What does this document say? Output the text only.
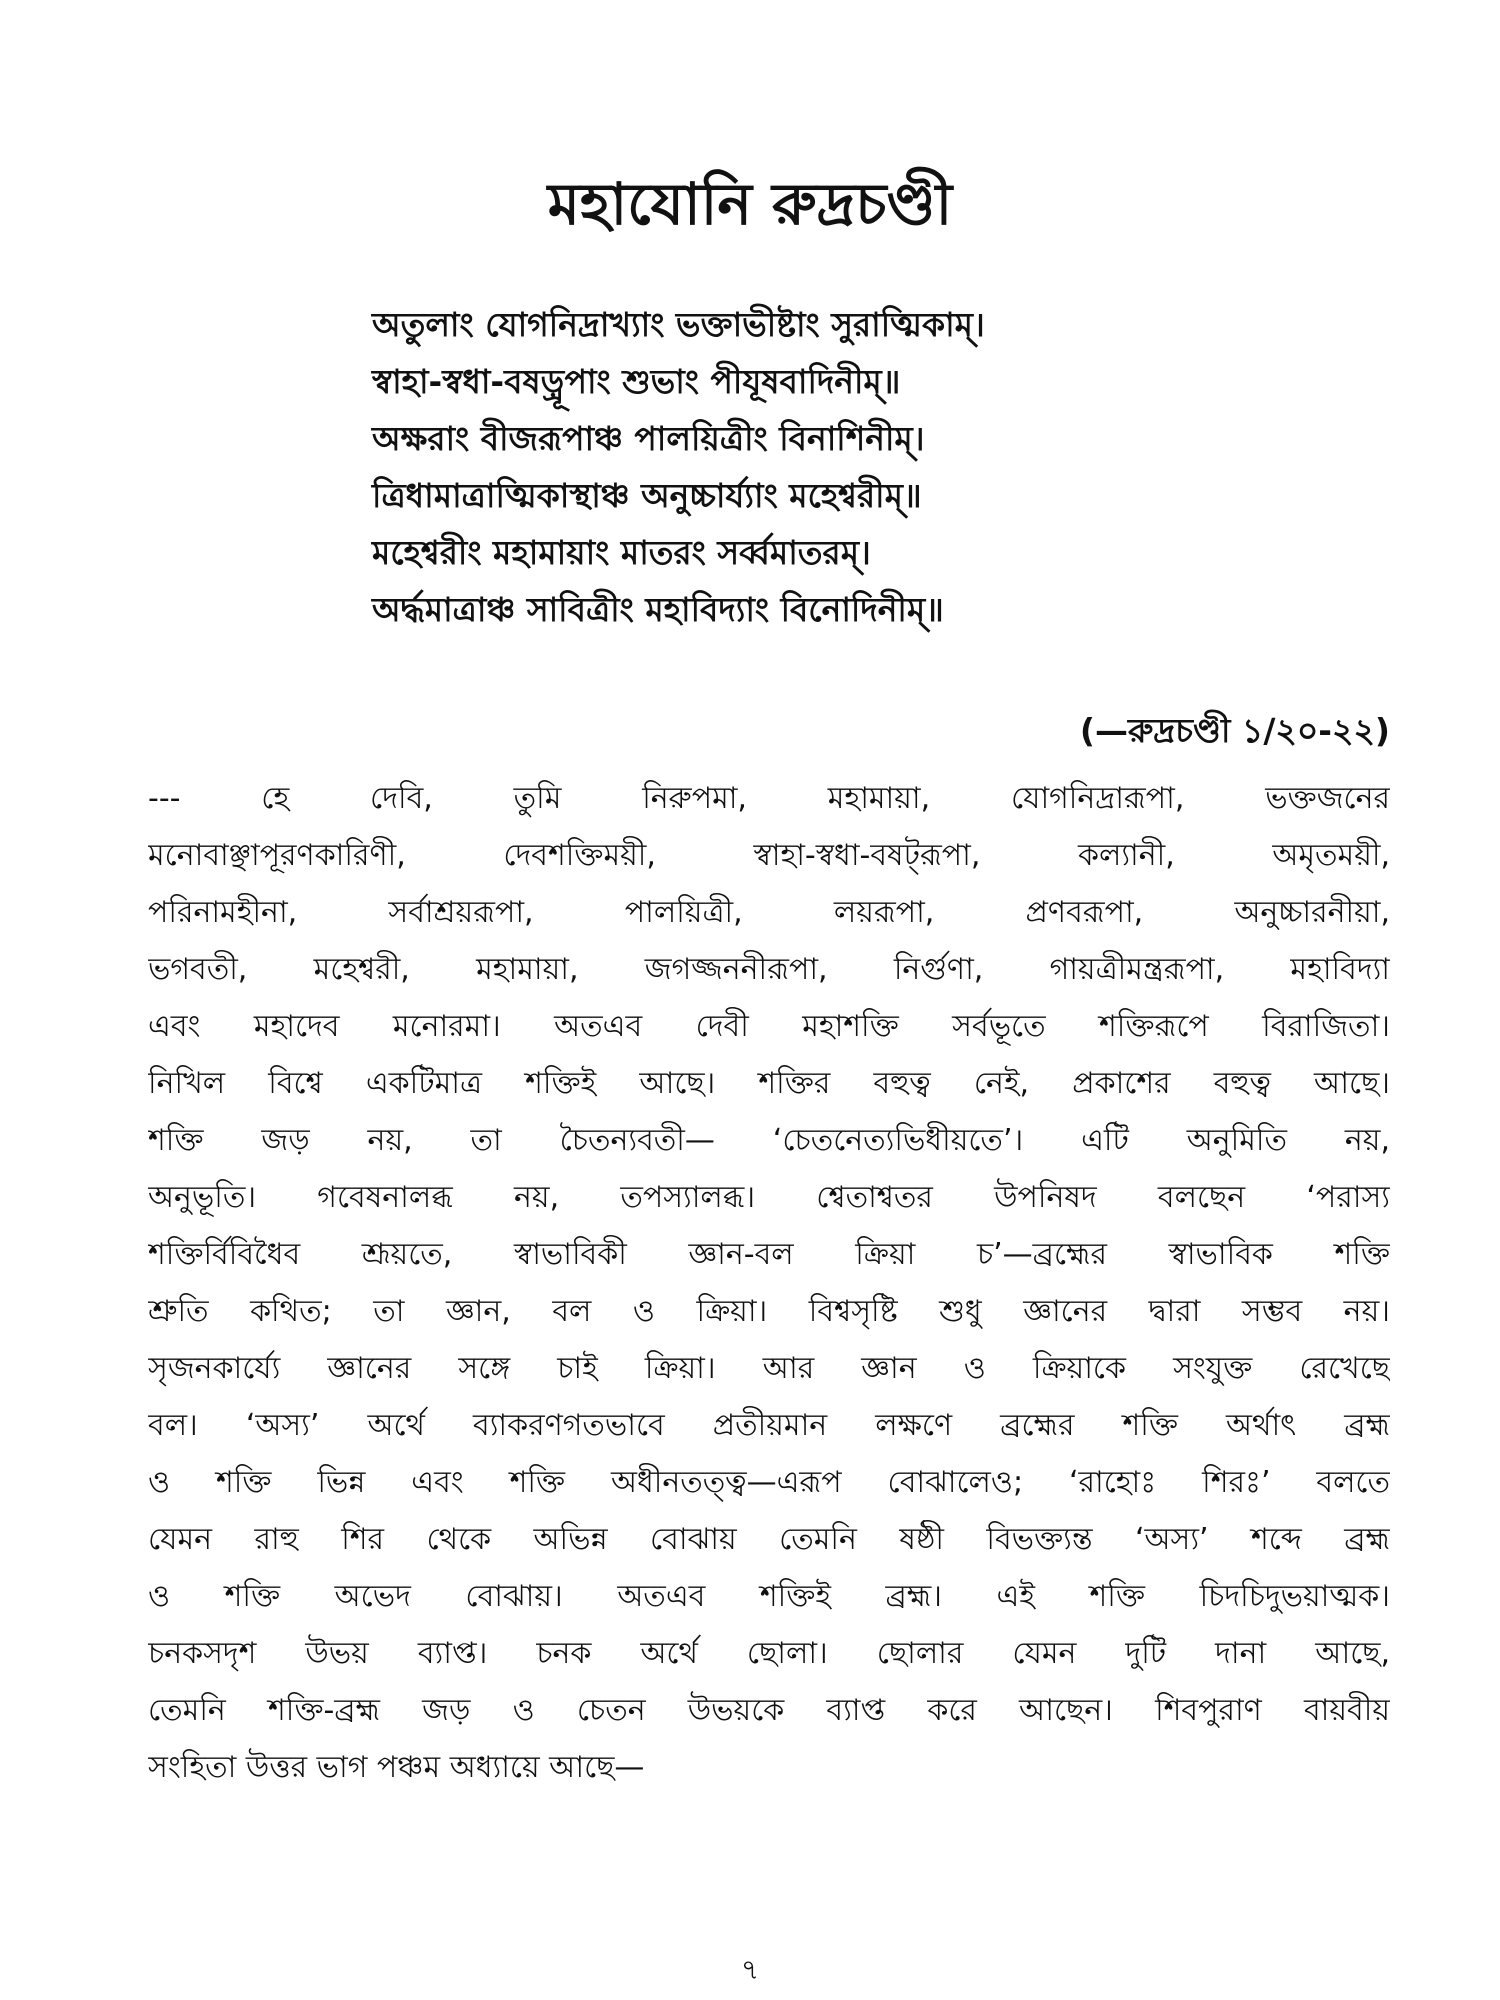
মহাযোনি রুদ্রচণ্ডী
অতুলাং যোগনিদ্রাখ্যাং ভক্তাভীষ্টাং সুরাত্মিকাম্।
স্বাহা-স্বধা-বষড়্রূপাং শুভাং পীযূষবাদিনীম্॥
অক্ষরাং বীজরূপাঞ্চ পালয়িত্রীং বিনাশিনীম্।
ত্রিধামাত্রাত্মিকাস্থাঞ্চ অনুচ্চার্য্যাং মহেশ্বরীম্॥
মহেশ্বরীং মহামায়াং মাতরং সর্ব্বমাতরম্।
অর্দ্ধমাত্রাঞ্চ সাবিত্রীং মহাবিদ্যাং বিনোদিনীম্॥
(—রুদ্রচণ্ডী ১/২০-২২)
--- হে দেবি, তুমি নিরুপমা, মহামায়া, যোগনিদ্রারূপা, ভক্তজনের
মনোবাঞ্ছাপূরণকারিণী, দেবশক্তিময়ী, স্বাহা-স্বধা-বষট্‌রূপা, কল্যানী, অমৃতময়ী,
পরিনামহীনা, সর্বাশ্রয়রূপা, পালয়িত্রী, লয়রূপা, প্রণবরূপা, অনুচ্চারনীয়া,
ভগবতী, মহেশ্বরী, মহামায়া, জগজ্জননীরূপা, নির্গুণা, গায়ত্রীমন্ত্ররূপা, মহাবিদ্যা
এবং মহাদেব মনোরমা। অতএব দেবী মহাশক্তি সর্বভূতে শক্তিরূপে বিরাজিতা।
নিখিল বিশ্বে একটিমাত্র শক্তিই আছে। শক্তির বহুত্ব নেই, প্রকাশের বহুত্ব আছে।
শক্তি জড় নয়, তা চৈতন্যবতী— ‘চেতনেত্যভিধীয়তে’। এটি অনুমিতি নয়,
অনুভূতি। গবেষনালব্ধ নয়, তপস্যালব্ধ। শ্বেতাশ্বতর উপনিষদ বলছেন ‘পরাস্য
শক্তির্বিবিধৈব শ্রূয়তে, স্বাভাবিকী জ্ঞান-বল ক্রিয়া চ’—ব্রহ্মের স্বাভাবিক শক্তি
শ্রুতি কথিত; তা জ্ঞান, বল ও ক্রিয়া। বিশ্বসৃষ্টি শুধু জ্ঞানের দ্বারা সম্ভব নয়।
সৃজনকার্য্যে জ্ঞানের সঙ্গে চাই ক্রিয়া। আর জ্ঞান ও ক্রিয়াকে সংযুক্ত রেখেছে
বল। ‘অস্য’ অর্থে ব্যাকরণগতভাবে প্রতীয়মান লক্ষণে ব্রহ্মের শক্তি অর্থাৎ ব্রহ্ম
ও শক্তি ভিন্ন এবং শক্তি অধীনতত্ত্ব—এরূপ বোঝালেও; ‘রাহোঃ শিরঃ’ বলতে
যেমন রাহু শির থেকে অভিন্ন বোঝায় তেমনি ষষ্ঠী বিভক্ত্যন্ত ‘অস্য’ শব্দে ব্রহ্ম
ও শক্তি অভেদ বোঝায়। অতএব শক্তিই ব্রহ্ম। এই শক্তি চিদচিদুভয়াত্মক।
চনকসদৃশ উভয় ব্যাপ্ত। চনক অর্থে ছোলা। ছোলার যেমন দুটি দানা আছে,
তেমনি শক্তি-ব্রহ্ম জড় ও চেতন উভয়কে ব্যাপ্ত করে আছেন। শিবপুরাণ বায়বীয়
সংহিতা উত্তর ভাগ পঞ্চম অধ্যায়ে আছে—
৭
